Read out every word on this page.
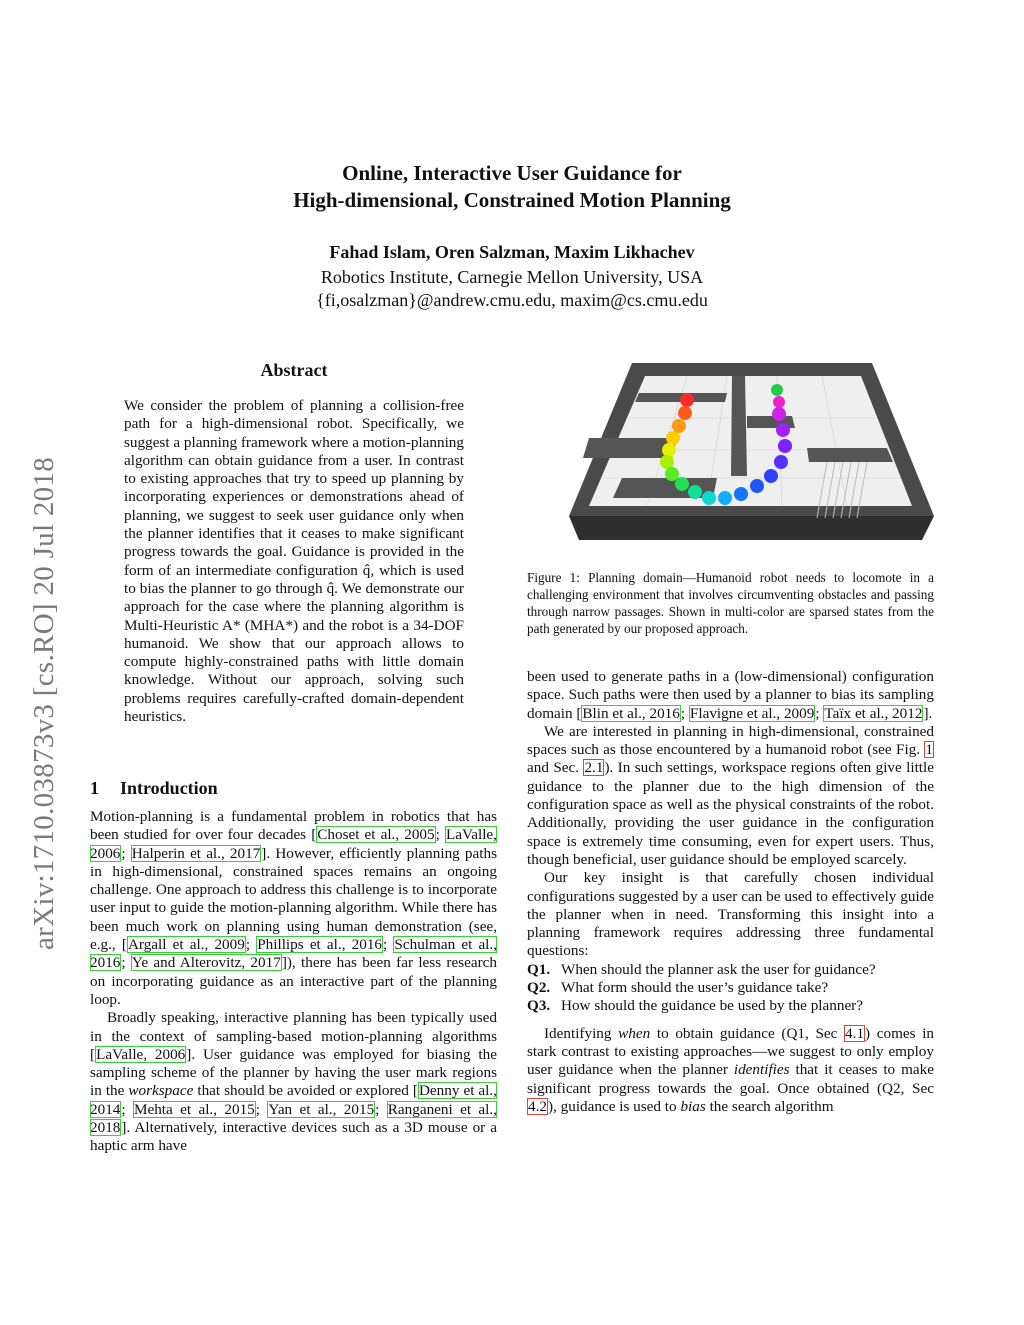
Online, Interactive User Guidance for
High-dimensional, Constrained Motion Planning
Fahad Islam, Oren Salzman, Maxim Likhachev
Robotics Institute, Carnegie Mellon University, USA
{fi,osalzman}@andrew.cmu.edu, maxim@cs.cmu.edu
arXiv:1710.03873v3 [cs.RO] 20 Jul 2018
Abstract
We consider the problem of planning a collision-free path for a high-dimensional robot. Specifically, we suggest a planning framework where a motion-planning algorithm can obtain guidance from a user. In contrast to existing approaches that try to speed up planning by incorporating experiences or demonstrations ahead of planning, we suggest to seek user guidance only when the planner identifies that it ceases to make significant progress towards the goal. Guidance is provided in the form of an intermediate configuration q̂, which is used to bias the planner to go through q̂. We demonstrate our approach for the case where the planning algorithm is Multi-Heuristic A* (MHA*) and the robot is a 34-DOF humanoid. We show that our approach allows to compute highly-constrained paths with little domain knowledge. Without our approach, solving such problems requires carefully-crafted domain-dependent heuristics.
1 Introduction

Motion-planning is a fundamental problem in robotics that has been studied for over four decades [Choset et al., 2005; LaValle, 2006; Halperin et al., 2017]. However, efficiently planning paths in high-dimensional, constrained spaces remains an ongoing challenge. One approach to address this challenge is to incorporate user input to guide the motion-planning algorithm. While there has been much work on planning using human demonstration (see, e.g., [Argall et al., 2009; Phillips et al., 2016; Schulman et al., 2016; Ye and Alterovitz, 2017]), there has been far less research on incorporating guidance as an interactive part of the planning loop.

Broadly speaking, interactive planning has been typically used in the context of sampling-based motion-planning algorithms [LaValle, 2006]. User guidance was employed for biasing the sampling scheme of the planner by having the user mark regions in the workspace that should be avoided or explored [Denny et al., 2014; Mehta et al., 2015; Yan et al., 2015; Ranganeni et al., 2018]. Alternatively, interactive devices such as a 3D mouse or a haptic arm have

Figure 1: Planning domain—Humanoid robot needs to locomote in a challenging environment that involves circumventing obstacles and passing through narrow passages. Shown in multi-color are sparsed states from the path generated by our proposed approach.

been used to generate paths in a (low-dimensional) configuration space. Such paths were then used by a planner to bias its sampling domain [Blin et al., 2016; Flavigne et al., 2009; Taïx et al., 2012].

We are interested in planning in high-dimensional, constrained spaces such as those encountered by a humanoid robot (see Fig. 1 and Sec. 2.1). In such settings, workspace regions often give little guidance to the planner due to the high dimension of the configuration space as well as the physical constraints of the robot. Additionally, providing the user guidance in the configuration space is extremely time consuming, even for expert users. Thus, though beneficial, user guidance should be employed scarcely.

Our key insight is that carefully chosen individual configurations suggested by a user can be used to effectively guide the planner when in need. Transforming this insight into a planning framework requires addressing three fundamental questions:

Q1. When should the planner ask the user for guidance?

Q2. What form should the user’s guidance take?

Q3. How should the guidance be used by the planner?

Identifying when to obtain guidance (Q1, Sec 4.1) comes in stark contrast to existing approaches—we suggest to only employ user guidance when the planner identifies that it ceases to make significant progress towards the goal. Once obtained (Q2, Sec 4.2), guidance is used to bias the search algorithm
